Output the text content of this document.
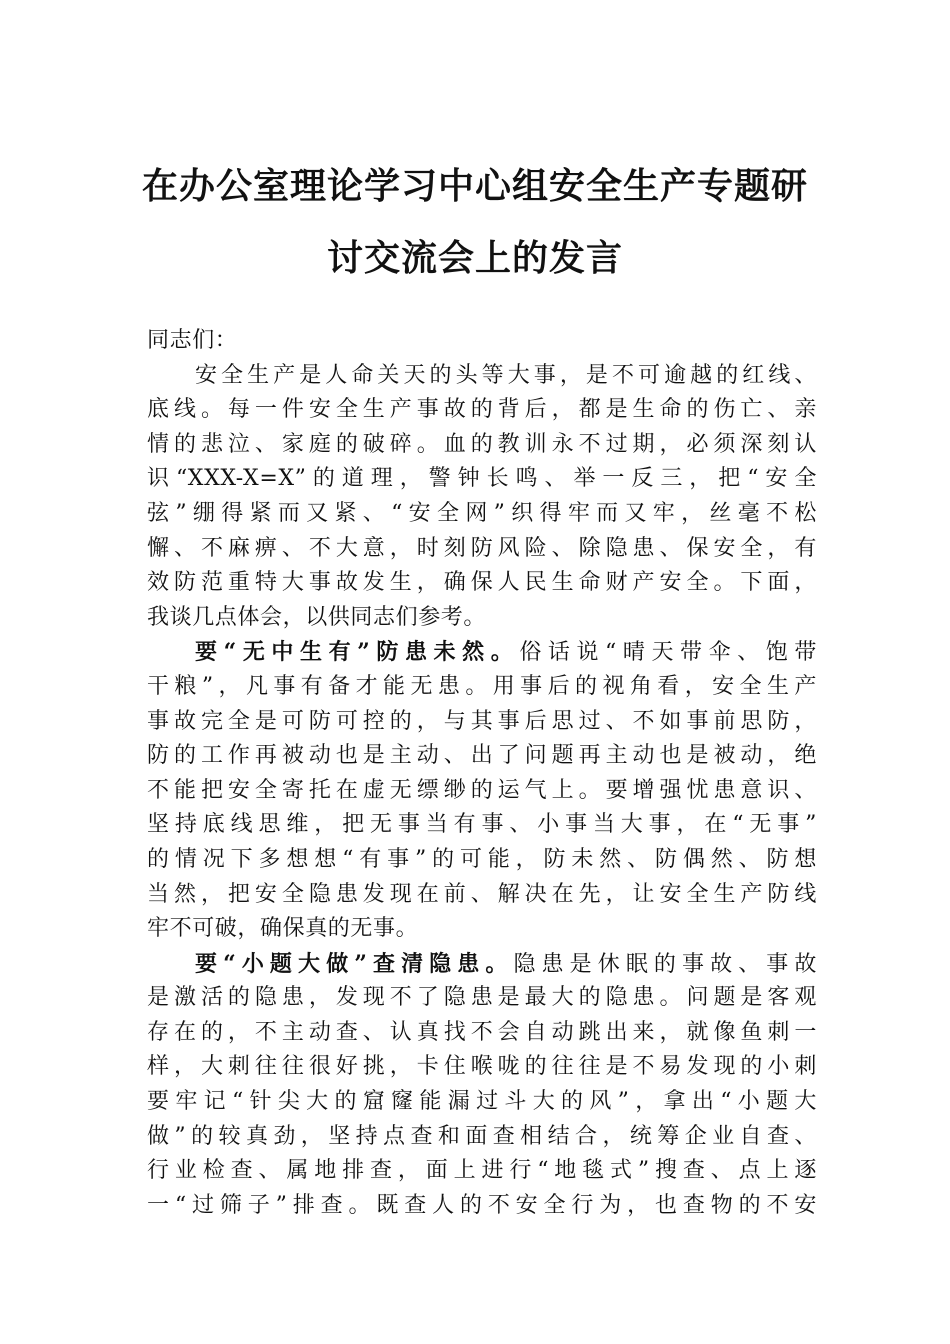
在办公室理论学习中心组安全生产专题研
讨交流会上的发言
同志们：
安全生产是人命关天的头等大事，是不可逾越的红线、
底线。每一件安全生产事故的背后，都是生命的伤亡、亲
情的悲泣、家庭的破碎。血的教训永不过期，必须深刻认
识“XXX-X=X”的道理，警钟长鸣、举一反三，把“安全
弦”绷得紧而又紧、“安全网”织得牢而又牢，丝毫不松
懈、不麻痹、不大意，时刻防风险、除隐患、保安全，有
效防范重特大事故发生，确保人民生命财产安全。下面，
我谈几点体会，以供同志们参考。
要“无中生有”防患未然。俗话说“晴天带伞、饱带
干粮”，凡事有备才能无患。用事后的视角看，安全生产
事故完全是可防可控的，与其事后思过、不如事前思防，
防的工作再被动也是主动、出了问题再主动也是被动，绝
不能把安全寄托在虚无缥缈的运气上。要增强忧患意识、
坚持底线思维，把无事当有事、小事当大事，在“无事”
的情况下多想想“有事”的可能，防未然、防偶然、防想
当然，把安全隐患发现在前、解决在先，让安全生产防线
牢不可破，确保真的无事。
要“小题大做”查清隐患。隐患是休眠的事故、事故
是激活的隐患，发现不了隐患是最大的隐患。问题是客观
存在的，不主动查、认真找不会自动跳出来，就像鱼刺一
样，大刺往往很好挑，卡住喉咙的往往是不易发现的小刺
要牢记“针尖大的窟窿能漏过斗大的风”，拿出“小题大
做”的较真劲，坚持点查和面查相结合，统筹企业自查、
行业检查、属地排查，面上进行“地毯式”搜查、点上逐
一“过筛子”排查。既查人的不安全行为，也查物的不安
